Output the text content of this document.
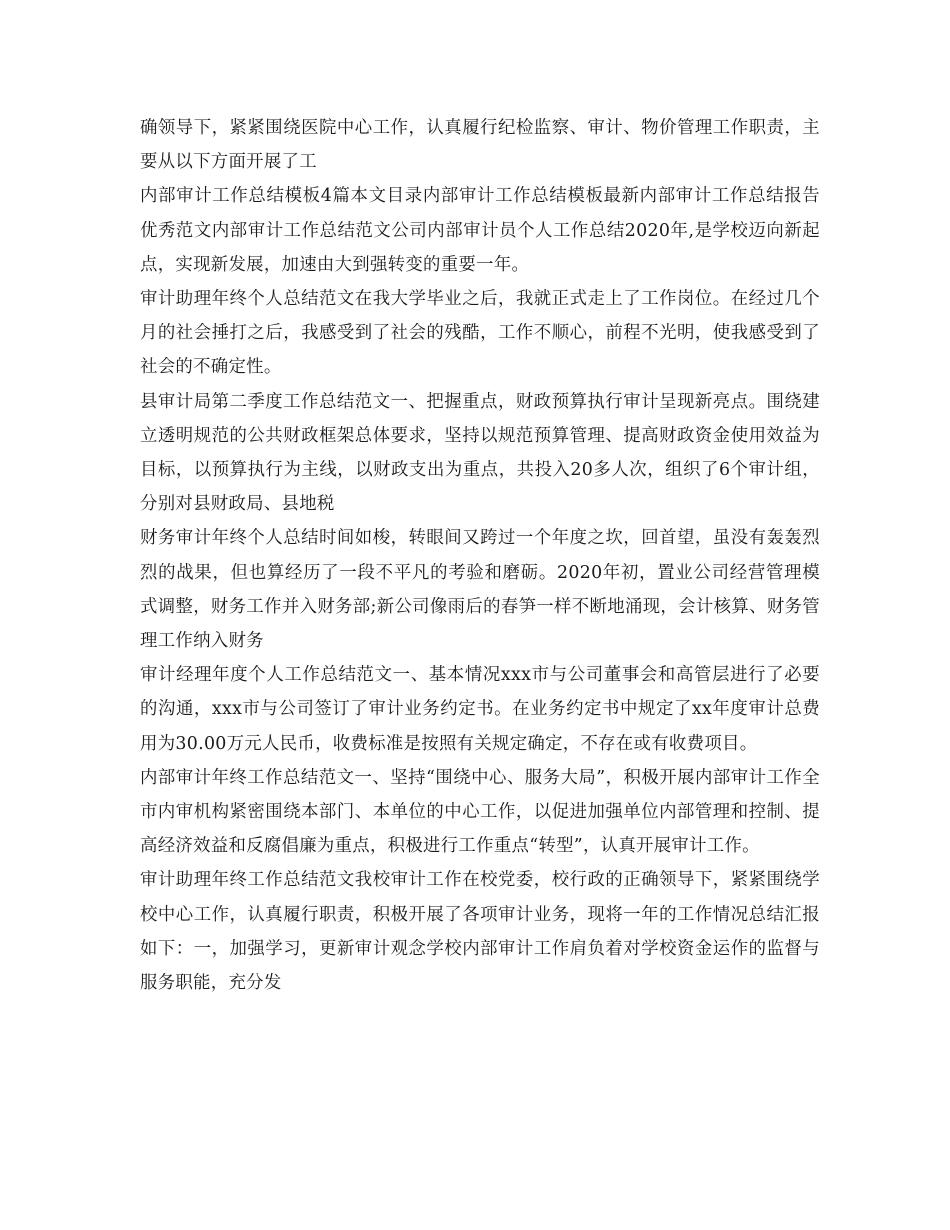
确领导下，紧紧围绕医院中心工作，认真履行纪检监察、审计、物价管理工作职责，主要从以下方面开展了工

内部审计工作总结模板4篇本文目录内部审计工作总结模板最新内部审计工作总结报告优秀范文内部审计工作总结范文公司内部审计员个人工作总结2020年,是学校迈向新起点，实现新发展，加速由大到强转变的重要一年。

审计助理年终个人总结范文在我大学毕业之后，我就正式走上了工作岗位。在经过几个月的社会捶打之后，我感受到了社会的残酷，工作不顺心，前程不光明，使我感受到了社会的不确定性。

县审计局第二季度工作总结范文一、把握重点，财政预算执行审计呈现新亮点。围绕建立透明规范的公共财政框架总体要求，坚持以规范预算管理、提高财政资金使用效益为目标，以预算执行为主线，以财政支出为重点，共投入20多人次，组织了6个审计组，分别对县财政局、县地税

财务审计年终个人总结时间如梭，转眼间又跨过一个年度之坎，回首望，虽没有轰轰烈烈的战果，但也算经历了一段不平凡的考验和磨砺。2020年初，置业公司经营管理模式调整，财务工作并入财务部;新公司像雨后的春笋一样不断地涌现，会计核算、财务管理工作纳入财务

审计经理年度个人工作总结范文一、基本情况xxx市与公司董事会和高管层进行了必要的沟通，xxx市与公司签订了审计业务约定书。在业务约定书中规定了xx年度审计总费用为30.00万元人民币，收费标准是按照有关规定确定，不存在或有收费项目。

内部审计年终工作总结范文一、坚持“围绕中心、服务大局”，积极开展内部审计工作全市内审机构紧密围绕本部门、本单位的中心工作，以促进加强单位内部管理和控制、提高经济效益和反腐倡廉为重点，积极进行工作重点“转型”，认真开展审计工作。

审计助理年终工作总结范文我校审计工作在校党委，校行政的正确领导下，紧紧围绕学校中心工作，认真履行职责，积极开展了各项审计业务，现将一年的工作情况总结汇报如下：一，加强学习，更新审计观念学校内部审计工作肩负着对学校资金运作的监督与服务职能，充分发
